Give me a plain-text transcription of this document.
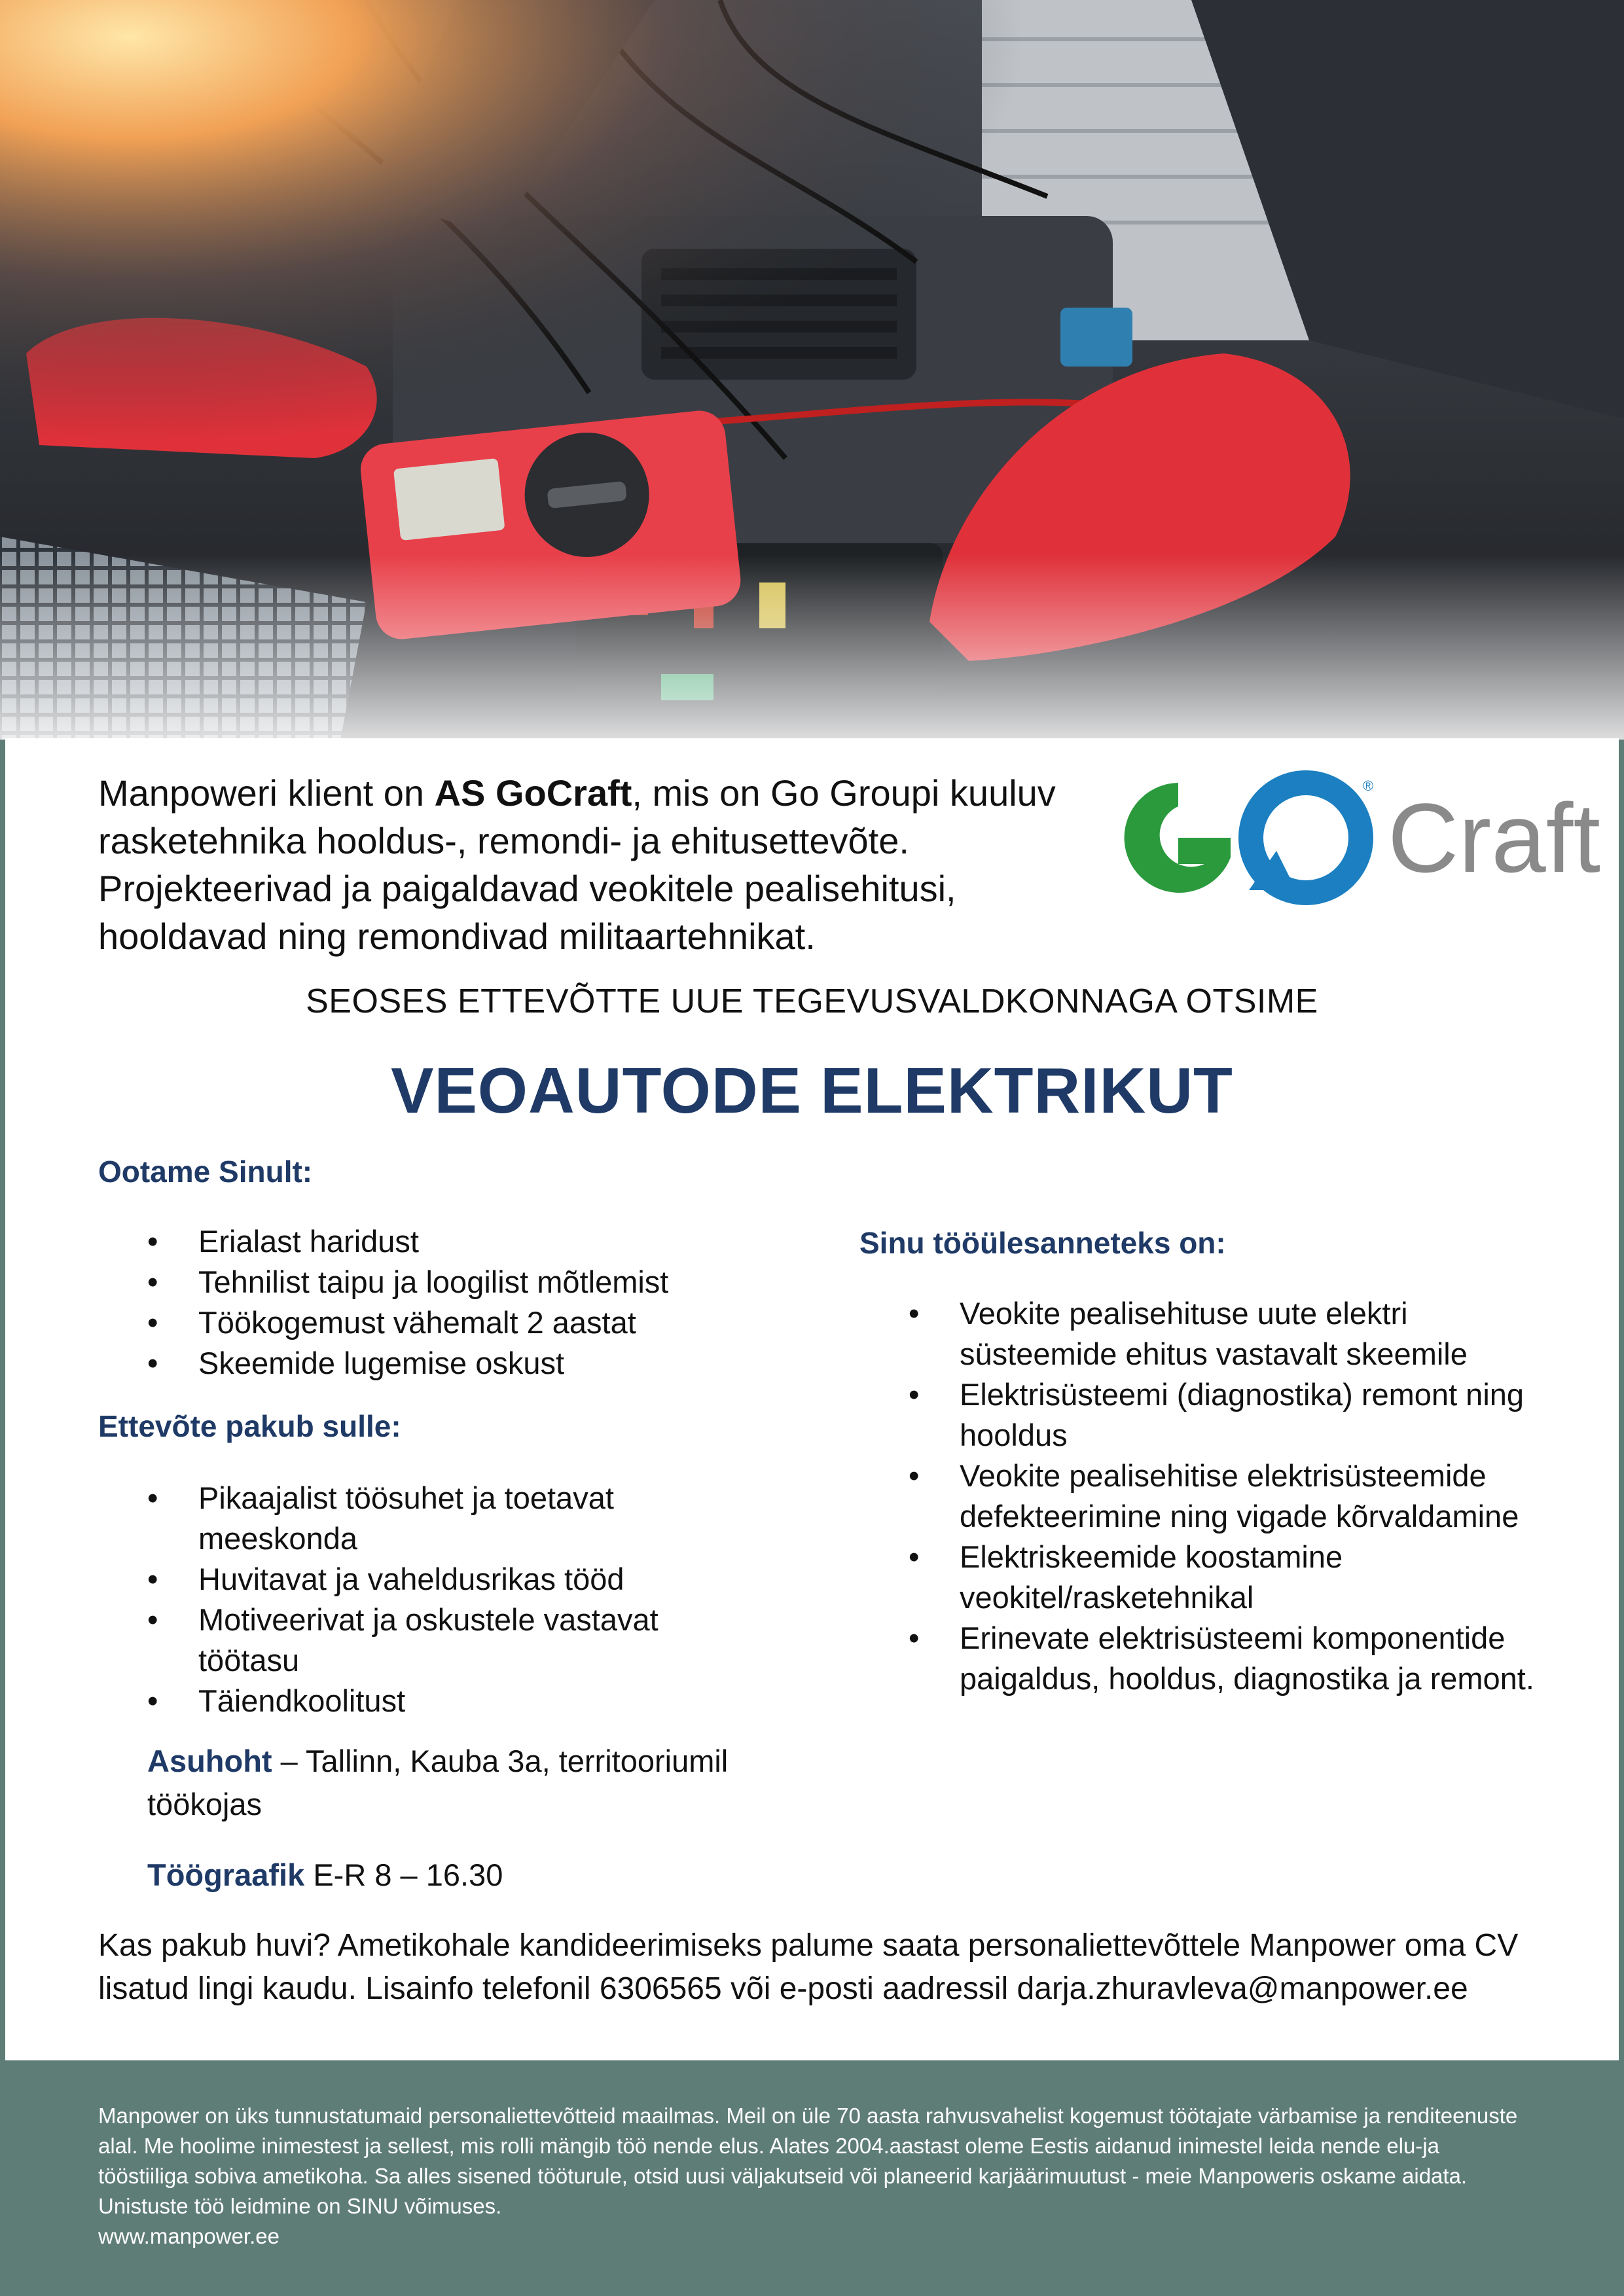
Manpoweri klient on AS GoCraft, mis on Go Groupi kuuluv rasketehnika hooldus-, remondi- ja ehitusettevõte. Projekteerivad ja paigaldavad veokitele pealisehitusi, hooldavad ning remondivad militaartehnikat.

® Craft
SEOSES ETTEVÕTTE UUE TEGEVUSVALDKONNAGA OTSIME
VEOAUTODE ELEKTRIKUT
Ootame Sinult:
• Erialast haridust
• Tehnilist taipu ja loogilist mõtlemist
• Töökogemust vähemalt 2 aastat
• Skeemide lugemise oskust
Ettevõte pakub sulle:
• Pikaajalist töösuhet ja toetavat meeskonda
• Huvitavat ja vaheldusrikas tööd
• Motiveerivat ja oskustele vastavat töötasu
• Täiendkoolitust
Asuhoht – Tallinn, Kauba 3a, territooriumil töökojas
Töögraafik E-R 8 – 16.30
Sinu tööülesanneteks on:
• Veokite pealisehituse uute elektri süsteemide ehitus vastavalt skeemile
• Elektrisüsteemi (diagnostika) remont ning hooldus
• Veokite pealisehitise elektrisüsteemide defekteerimine ning vigade kõrvaldamine
• Elektriskeemide koostamine veokitel/rasketehnikal
• Erinevate elektrisüsteemi komponentide paigaldus, hooldus, diagnostika ja remont.

Kas pakub huvi? Ametikohale kandideerimiseks palume saata personaliettevõttele Manpower oma CV lisatud lingi kaudu. Lisainfo telefonil 6306565 või e-posti aadressil darja.zhuravleva@manpower.ee

Manpower on üks tunnustatumaid personaliettevõtteid maailmas. Meil on üle 70 aasta rahvusvahelist kogemust töötajate värbamise ja renditeenuste alal. Me hoolime inimestest ja sellest, mis rolli mängib töö nende elus. Alates 2004.aastast oleme Eestis aidanud inimestel leida nende elu-ja tööstiiliga sobiva ametikoha. Sa alles sisened tööturule, otsid uusi väljakutseid või planeerid karjäärimuutust - meie Manpoweris oskame aidata. Unistuste töö leidmine on SINU võimuses.
www.manpower.ee
